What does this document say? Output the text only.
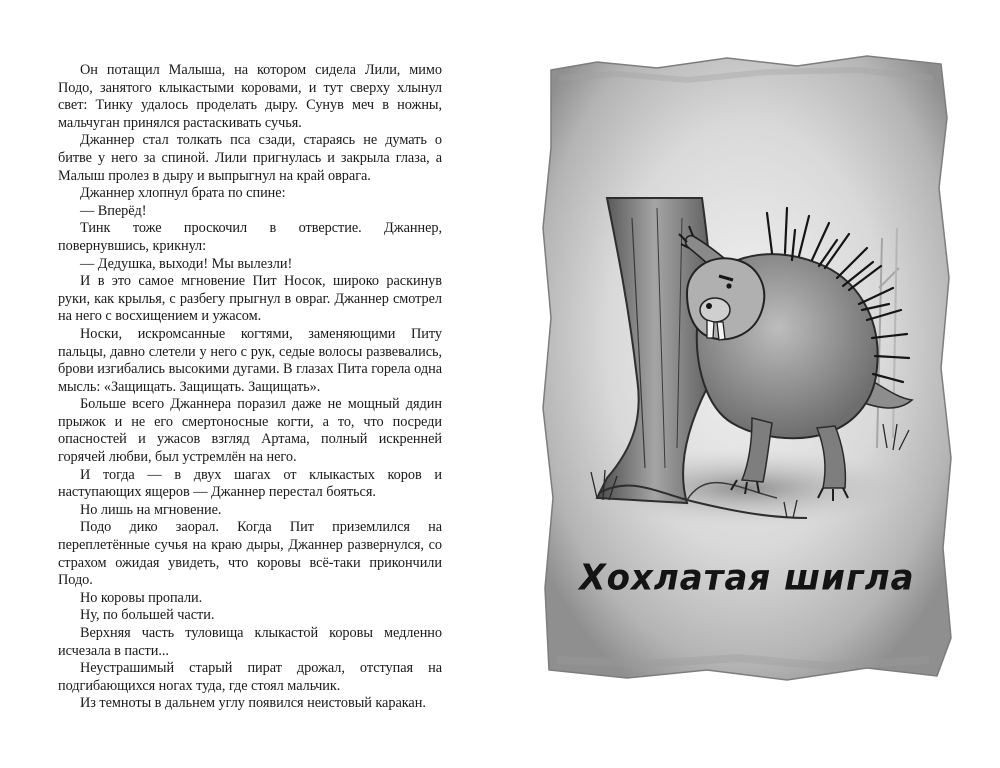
Он потащил Малыша, на котором сидела Лили, мимо Подо, занятого клыкастыми коровами, и тут сверху хлынул свет: Тинку удалось проделать дыру. Сунув меч в ножны, мальчуган принялся растаскивать сучья.

Джаннер стал толкать пса сзади, стараясь не думать о битве у него за спиной. Лили пригнулась и закрыла глаза, а Малыш пролез в дыру и выпрыгнул на край оврага.

Джаннер хлопнул брата по спине:

— Вперёд!

Тинк тоже проскочил в отверстие. Джаннер, повернувшись, крикнул:

— Дедушка, выходи! Мы вылезли!

И в это самое мгновение Пит Носок, широко раскинув руки, как крылья, с разбегу прыгнул в овраг. Джаннер смотрел на него с восхищением и ужасом.

Носки, искромсанные когтями, заменяющими Питу пальцы, давно слетели у него с рук, седые волосы развевались, брови изгибались высокими дугами. В глазах Пита горела одна мысль: «Защищать. Защищать. Защищать».

Больше всего Джаннера поразил даже не мощный дядин прыжок и не его смертоносные когти, а то, что посреди опасностей и ужасов взгляд Артама, полный искренней горячей любви, был устремлён на него.

И тогда — в двух шагах от клыкастых коров и наступающих ящеров — Джаннер перестал бояться.

Но лишь на мгновение.

Подо дико заорал. Когда Пит приземлился на переплетённые сучья на краю дыры, Джаннер развернулся, со страхом ожидая увидеть, что коровы всё-таки прикончили Подо.

Но коровы пропали.

Ну, по большей части.

Верхняя часть туловища клыкастой коровы медленно исчезала в пасти...

Неустрашимый старый пират дрожал, отступая на подгибающихся ногах туда, где стоял мальчик.

Из темноты в дальнем углу появился неистовый каракан.

Хохлатая шигла
